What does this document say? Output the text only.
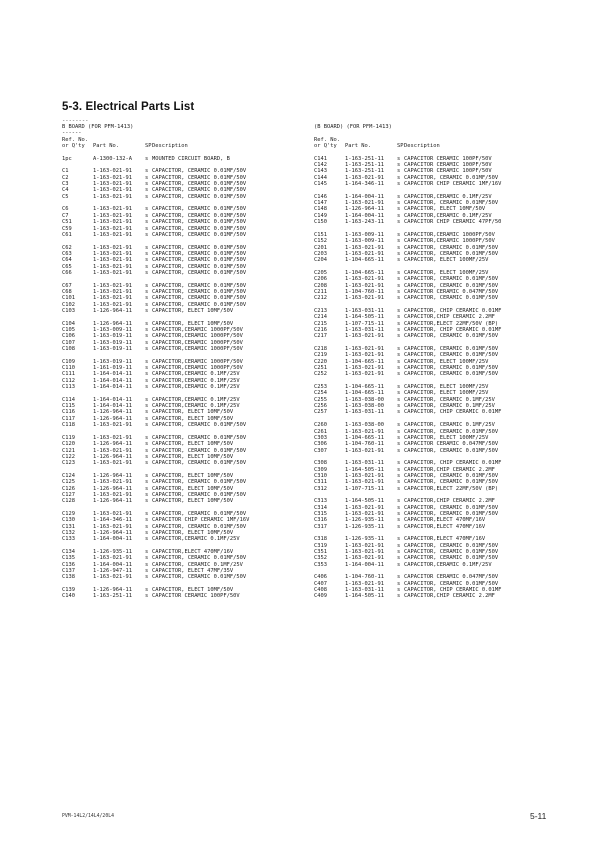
5-3. Electrical Parts List
--------
B BOARD (FOR PFM-1413)
------
Ref. No.
or Q'ty	Part No.	SP Description
1pc	A-1300-132-A	s MOUNTED CIRCUIT BOARD, B
C1	1-163-021-91	s CAPACITOR, CERAMIC 0.01MF/50V
C2	1-163-021-91	s CAPACITOR, CERAMIC 0.01MF/50V
C3	1-163-021-91	s CAPACITOR, CERAMIC 0.01MF/50V
C4	1-163-021-91	s CAPACITOR, CERAMIC 0.01MF/50V
C5	1-163-021-91	s CAPACITOR, CERAMIC 0.01MF/50V
C6	1-163-021-91	s CAPACITOR, CERAMIC 0.01MF/50V
C7	1-163-021-91	s CAPACITOR, CERAMIC 0.01MF/50V
C51	1-163-021-91	s CAPACITOR, CERAMIC 0.01MF/50V
C59	1-163-021-91	s CAPACITOR, CERAMIC 0.01MF/50V
C61	1-163-021-91	s CAPACITOR, CERAMIC 0.01MF/50V
C62	1-163-021-91	s CAPACITOR, CERAMIC 0.01MF/50V
C63	1-163-021-91	s CAPACITOR, CERAMIC 0.01MF/50V
C64	1-163-021-91	s CAPACITOR, CERAMIC 0.01MF/50V
C65	1-163-021-91	s CAPACITOR, CERAMIC 0.01MF/50V
C66	1-163-021-91	s CAPACITOR, CERAMIC 0.01MF/50V
C67	1-163-021-91	s CAPACITOR, CERAMIC 0.01MF/50V
C68	1-163-021-91	s CAPACITOR, CERAMIC 0.01MF/50V
C101	1-163-021-91	s CAPACITOR, CERAMIC 0.01MF/50V
C102	1-163-021-91	s CAPACITOR, CERAMIC 0.01MF/50V
C103	1-126-964-11	s CAPACITOR, ELECT 10MF/50V
C104	1-126-964-11	s CAPACITOR, ELECT 10MF/50V
C105	1-163-009-11	s CAPACITOR,CERAMIC 1000PF/50V
C106	1-163-019-11	s CAPACITOR,CERAMIC 1000PF/50V
C107	1-163-019-11	s CAPACITOR,CERAMIC 1000PF/50V
C108	1-163-019-11	s CAPACITOR,CERAMIC 1000PF/50V
C109	1-163-019-11	s CAPACITOR,CERAMIC 1000PF/50V
C110	1-161-019-11	s CAPACITOR,CERAMIC 1000PF/50V
C111	1-164-014-11	s CAPACITOR,CERAMIC 0.1MF/25V
C112	1-164-014-11	s CAPACITOR,CERAMIC 0.1MF/25V
C113	1-164-014-11	s CAPACITOR,CERAMIC 0.1MF/25V
C114	1-164-014-11	s CAPACITOR,CERAMIC 0.1MF/25V
C115	1-164-014-11	s CAPACITOR,CERAMIC 0.1MF/25V
C116	1-126-964-11	s CAPACITOR, ELECT 10MF/50V
C117	1-126-964-11	s CAPACITOR, ELECT 10MF/50V
C118	1-163-021-91	s CAPACITOR, CERAMIC 0.01MF/50V
C119	1-163-021-91	s CAPACITOR, CERAMIC 0.01MF/50V
C120	1-126-964-11	s CAPACITOR, ELECT 10MF/50V
C121	1-163-021-91	s CAPACITOR, CERAMIC 0.01MF/50V
C122	1-126-964-11	s CAPACITOR, ELECT 10MF/50V
C123	1-163-021-91	s CAPACITOR, CERAMIC 0.01MF/50V
C124	1-126-964-11	s CAPACITOR, ELECT 10MF/50V
C125	1-163-021-91	s CAPACITOR, CERAMIC 0.01MF/50V
C126	1-126-964-11	s CAPACITOR, ELECT 10MF/50V
C127	1-163-021-91	s CAPACITOR, CERAMIC 0.01MF/50V
C128	1-126-964-11	s CAPACITOR, ELECT 10MF/50V
C129	1-163-021-91	s CAPACITOR, CERAMIC 0.01MF/50V
C130	1-164-346-11	s CAPACITOR CHIP CERAMIC 1MF/16V
C131	1-163-021-91	s CAPACITOR, CERAMIC 0.01MF/50V
C132	1-126-964-11	s CAPACITOR, ELECT 10MF/50V
C133	1-164-004-11	s CAPACITOR,CERAMIC 0.1MF/25V
C134	1-126-935-11	s CAPACITOR,ELECT 470MF/16V
C135	1-163-021-91	s CAPACITOR, CERAMIC 0.01MF/50V
C136	1-164-004-11	s CAPACITOR, CERAMIC 0.1MF/25V
C137	1-126-947-11	s CAPACITOR, ELECT 47MF/35V
C138	1-163-021-91	s CAPACITOR, CERAMIC 0.01MF/50V
C139	1-126-964-11	s CAPACITOR, ELECT 10MF/50V
C140	1-163-251-11	s CAPACITOR CERAMIC 100PF/50V
(B BOARD) (FOR PFM-1413)
Ref. No.
or Q'ty	Part No.	SP Description
C141	1-163-251-11	s CAPACITOR CERAMIC 100PF/50V
C142	1-163-251-11	s CAPACITOR CERAMIC 100PF/50V
C143	1-163-251-11	s CAPACITOR CERAMIC 100PF/50V
C144	1-163-021-91	s CAPACITOR, CERAMIC 0.01MF/50V
C145	1-164-346-11	s CAPACITOR CHIP CERAMIC 1MF/16V
C146	1-164-004-11	s CAPACITOR,CERAMIC 0.1MF/25V
C147	1-163-021-91	s CAPACITOR, CERAMIC 0.01MF/50V
C148	1-126-964-11	s CAPACITOR, ELECT 10MF/50V
C149	1-164-004-11	s CAPACITOR,CERAMIC 0.1MF/25V
C150	1-163-243-11	s CAPACITOR CHIP CERAMIC 47PF/50
C151	1-163-009-11	s CAPACITOR,CERAMIC 1000PF/50V
C152	1-163-009-11	s CAPACITOR,CERAMIC 1000PF/50V
C201	1-163-021-91	s CAPACITOR, CERAMIC 0.01MF/50V
C203	1-163-021-91	s CAPACITOR, CERAMIC 0.01MF/50V
C204	1-104-665-11	s CAPACITOR, ELECT 100MF/25V
C205	1-104-665-11	s CAPACITOR, ELECT 100MF/25V
C206	1-163-021-91	s CAPACITOR, CERAMIC 0.01MF/50V
C208	1-163-021-91	s CAPACITOR, CERAMIC 0.01MF/50V
C211	1-104-760-11	s CAPACITOR CERAMIC 0.047MF/50V
C212	1-163-021-91	s CAPACITOR, CERAMIC 0.01MF/50V
C213	1-163-031-11	s CAPACITOR, CHIP CERAMIC 0.01MF
C214	1-164-505-11	s CAPACITOR,CHIP CERAMIC 2.2MF
C215	1-107-715-11	s CAPACITOR,ELECT 22MF/50V (BP)
C216	1-163-031-11	s CAPACITOR, CHIP CERAMIC 0.01MF
C217	1-163-021-91	s CAPACITOR, CERAMIC 0.01MF/50V
C218	1-163-021-91	s CAPACITOR, CERAMIC 0.01MF/50V
C219	1-163-021-91	s CAPACITOR, CERAMIC 0.01MF/50V
C220	1-104-665-11	s CAPACITOR, ELECT 100MF/25V
C251	1-163-021-91	s CAPACITOR, CERAMIC 0.01MF/50V
C252	1-163-021-91	s CAPACITOR, CERAMIC 0.01MF/50V
C253	1-104-665-11	s CAPACITOR, ELECT 100MF/25V
C254	1-104-665-11	s CAPACITOR, ELECT 100MF/25V
C255	1-163-038-00	s CAPACITOR, CERAMIC 0.1MF/25V
C256	1-163-038-00	s CAPACITOR, CERAMIC 0.1MF/25V
C257	1-163-031-11	s CAPACITOR, CHIP CERAMIC 0.01MF
C260	1-163-038-00	s CAPACITOR, CERAMIC 0.1MF/25V
C261	1-163-021-91	s CAPACITOR, CERAMIC 0.01MF/50V
C303	1-104-665-11	s CAPACITOR, ELECT 100MF/25V
C306	1-104-760-11	s CAPACITOR CERAMIC 0.047MF/50V
C307	1-163-021-91	s CAPACITOR, CERAMIC 0.01MF/50V
C308	1-163-031-11	s CAPACITOR, CHIP CERAMIC 0.01MF
C309	1-164-505-11	s CAPACITOR,CHIP CERAMIC 2.2MF
C310	1-163-021-91	s CAPACITOR, CERAMIC 0.01MF/50V
C311	1-163-021-91	s CAPACITOR, CERAMIC 0.01MF/50V
C312	1-107-715-11	s CAPACITOR,ELECT 22MF/50V (BP)
C313	1-164-505-11	s CAPACITOR,CHIP CERAMIC 2.2MF
C314	1-163-021-91	s CAPACITOR, CERAMIC 0.01MF/50V
C315	1-163-021-91	s CAPACITOR, CERAMIC 0.01MF/50V
C316	1-126-935-11	s CAPACITOR,ELECT 470MF/16V
C317	1-126-935-11	s CAPACITOR,ELECT 470MF/16V
C318	1-126-935-11	s CAPACITOR,ELECT 470MF/16V
C319	1-163-021-91	s CAPACITOR, CERAMIC 0.01MF/50V
C351	1-163-021-91	s CAPACITOR, CERAMIC 0.01MF/50V
C352	1-163-021-91	s CAPACITOR, CERAMIC 0.01MF/50V
C353	1-164-004-11	s CAPACITOR,CERAMIC 0.1MF/25V
C406	1-104-760-11	s CAPACITOR CERAMIC 0.047MF/50V
C407	1-163-021-91	s CAPACITOR, CERAMIC 0.01MF/50V
C408	1-163-031-11	s CAPACITOR, CHIP CERAMIC 0.01MF
C409	1-164-505-11	s CAPACITOR,CHIP CERAMIC 2.2MF
PVM-14L2/14L4/20L4	5-11
